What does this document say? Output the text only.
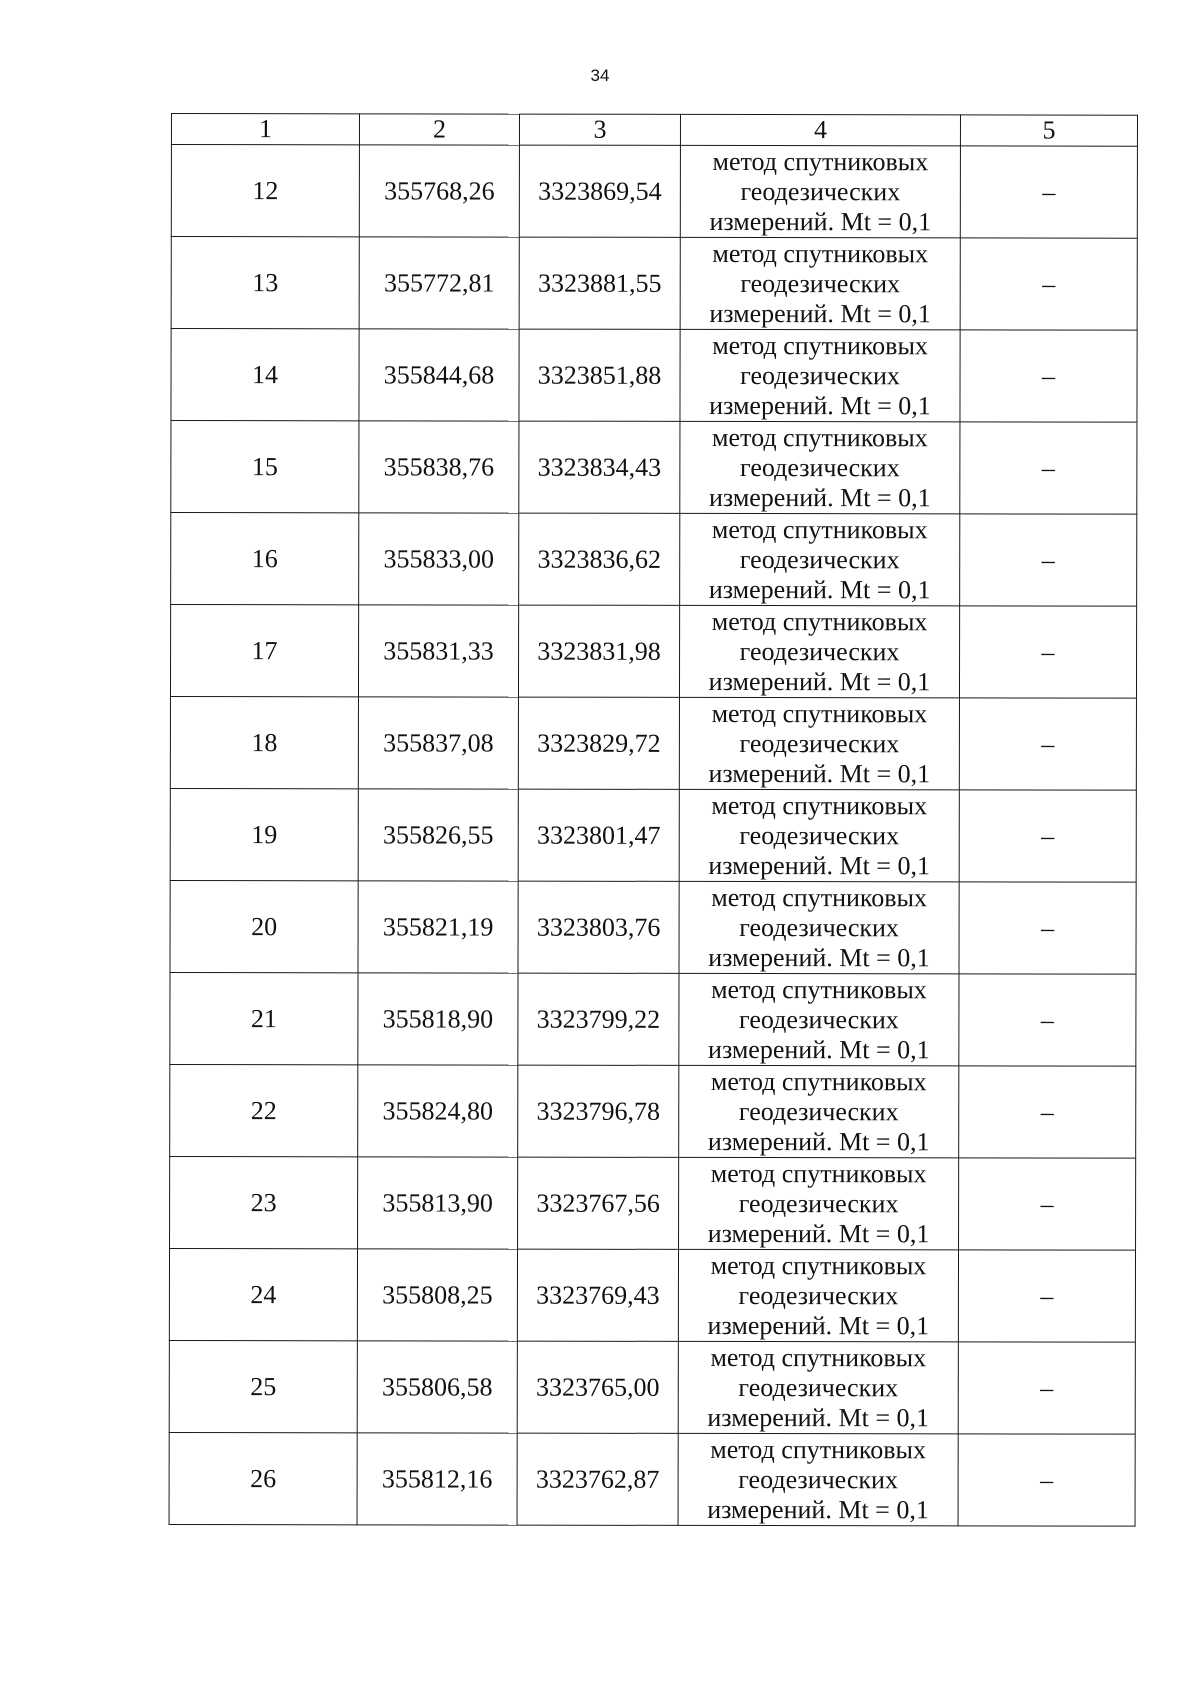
34
1	2	3	4	5
12	355768,26	3323869,54	метод спутниковых геодезических измерений. Mt = 0,1	–
13	355772,81	3323881,55	метод спутниковых геодезических измерений. Mt = 0,1	–
14	355844,68	3323851,88	метод спутниковых геодезических измерений. Mt = 0,1	–
15	355838,76	3323834,43	метод спутниковых геодезических измерений. Mt = 0,1	–
16	355833,00	3323836,62	метод спутниковых геодезических измерений. Mt = 0,1	–
17	355831,33	3323831,98	метод спутниковых геодезических измерений. Mt = 0,1	–
18	355837,08	3323829,72	метод спутниковых геодезических измерений. Mt = 0,1	–
19	355826,55	3323801,47	метод спутниковых геодезических измерений. Mt = 0,1	–
20	355821,19	3323803,76	метод спутниковых геодезических измерений. Mt = 0,1	–
21	355818,90	3323799,22	метод спутниковых геодезических измерений. Mt = 0,1	–
22	355824,80	3323796,78	метод спутниковых геодезических измерений. Mt = 0,1	–
23	355813,90	3323767,56	метод спутниковых геодезических измерений. Mt = 0,1	–
24	355808,25	3323769,43	метод спутниковых геодезических измерений. Mt = 0,1	–
25	355806,58	3323765,00	метод спутниковых геодезических измерений. Mt = 0,1	–
26	355812,16	3323762,87	метод спутниковых геодезических измерений. Mt = 0,1	–
